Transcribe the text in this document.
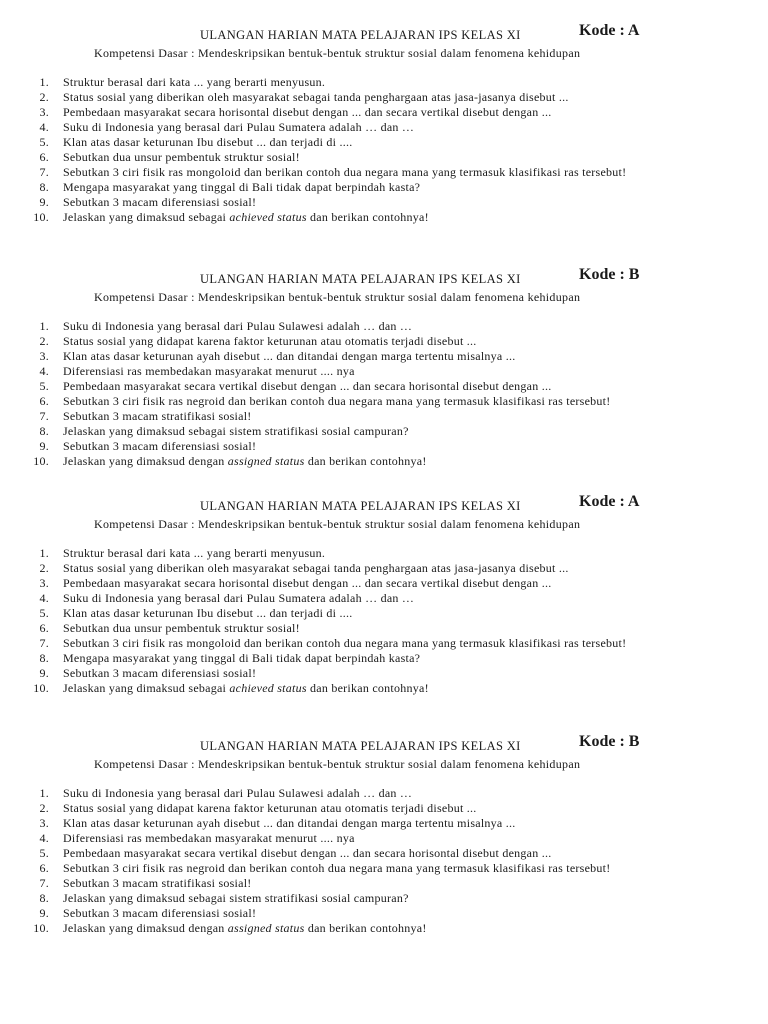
ULANGAN HARIAN MATA PELAJARAN IPS KELAS XI	Kode : A
Kompetensi Dasar : Mendeskripsikan bentuk-bentuk struktur sosial dalam fenomena kehidupan
1. Struktur berasal dari kata ... yang berarti menyusun.
2. Status sosial yang diberikan oleh masyarakat sebagai tanda penghargaan atas jasa-jasanya disebut ...
3. Pembedaan masyarakat secara horisontal disebut dengan ... dan secara vertikal disebut dengan ...
4. Suku di Indonesia yang berasal dari Pulau Sumatera adalah … dan …
5. Klan atas dasar keturunan Ibu disebut ... dan terjadi di ....
6. Sebutkan dua unsur pembentuk struktur sosial!
7. Sebutkan 3 ciri fisik ras mongoloid dan berikan contoh dua negara mana yang termasuk klasifikasi ras tersebut!
8. Mengapa masyarakat yang tinggal di Bali tidak dapat berpindah kasta?
9. Sebutkan 3 macam diferensiasi sosial!
10. Jelaskan yang dimaksud sebagai achieved status dan berikan contohnya!
ULANGAN HARIAN MATA PELAJARAN IPS KELAS XI	Kode : B
Kompetensi Dasar : Mendeskripsikan bentuk-bentuk struktur sosial dalam fenomena kehidupan
1. Suku di Indonesia yang berasal dari Pulau Sulawesi adalah … dan …
2. Status sosial yang didapat karena faktor keturunan atau otomatis terjadi disebut ...
3. Klan atas dasar keturunan ayah disebut ... dan ditandai dengan marga tertentu misalnya ...
4. Diferensiasi ras membedakan masyarakat menurut .... nya
5. Pembedaan masyarakat secara vertikal disebut dengan ... dan secara horisontal disebut dengan ...
6. Sebutkan 3 ciri fisik ras negroid dan berikan contoh dua negara mana yang termasuk klasifikasi ras tersebut!
7. Sebutkan 3 macam stratifikasi sosial!
8. Jelaskan yang dimaksud sebagai sistem stratifikasi sosial campuran?
9. Sebutkan 3 macam diferensiasi sosial!
10. Jelaskan yang dimaksud dengan assigned status dan berikan contohnya!
ULANGAN HARIAN MATA PELAJARAN IPS KELAS XI	Kode : A
Kompetensi Dasar : Mendeskripsikan bentuk-bentuk struktur sosial dalam fenomena kehidupan
1. Struktur berasal dari kata ... yang berarti menyusun.
2. Status sosial yang diberikan oleh masyarakat sebagai tanda penghargaan atas jasa-jasanya disebut ...
3. Pembedaan masyarakat secara horisontal disebut dengan ... dan secara vertikal disebut dengan ...
4. Suku di Indonesia yang berasal dari Pulau Sumatera adalah … dan …
5. Klan atas dasar keturunan Ibu disebut ... dan terjadi di ....
6. Sebutkan dua unsur pembentuk struktur sosial!
7. Sebutkan 3 ciri fisik ras mongoloid dan berikan contoh dua negara mana yang termasuk klasifikasi ras tersebut!
8. Mengapa masyarakat yang tinggal di Bali tidak dapat berpindah kasta?
9. Sebutkan 3 macam diferensiasi sosial!
10. Jelaskan yang dimaksud sebagai achieved status dan berikan contohnya!
ULANGAN HARIAN MATA PELAJARAN IPS KELAS XI	Kode : B
Kompetensi Dasar : Mendeskripsikan bentuk-bentuk struktur sosial dalam fenomena kehidupan
1. Suku di Indonesia yang berasal dari Pulau Sulawesi adalah … dan …
2. Status sosial yang didapat karena faktor keturunan atau otomatis terjadi disebut ...
3. Klan atas dasar keturunan ayah disebut ... dan ditandai dengan marga tertentu misalnya ...
4. Diferensiasi ras membedakan masyarakat menurut .... nya
5. Pembedaan masyarakat secara vertikal disebut dengan ... dan secara horisontal disebut dengan ...
6. Sebutkan 3 ciri fisik ras negroid dan berikan contoh dua negara mana yang termasuk klasifikasi ras tersebut!
7. Sebutkan 3 macam stratifikasi sosial!
8. Jelaskan yang dimaksud sebagai sistem stratifikasi sosial campuran?
9. Sebutkan 3 macam diferensiasi sosial!
10. Jelaskan yang dimaksud dengan assigned status dan berikan contohnya!
